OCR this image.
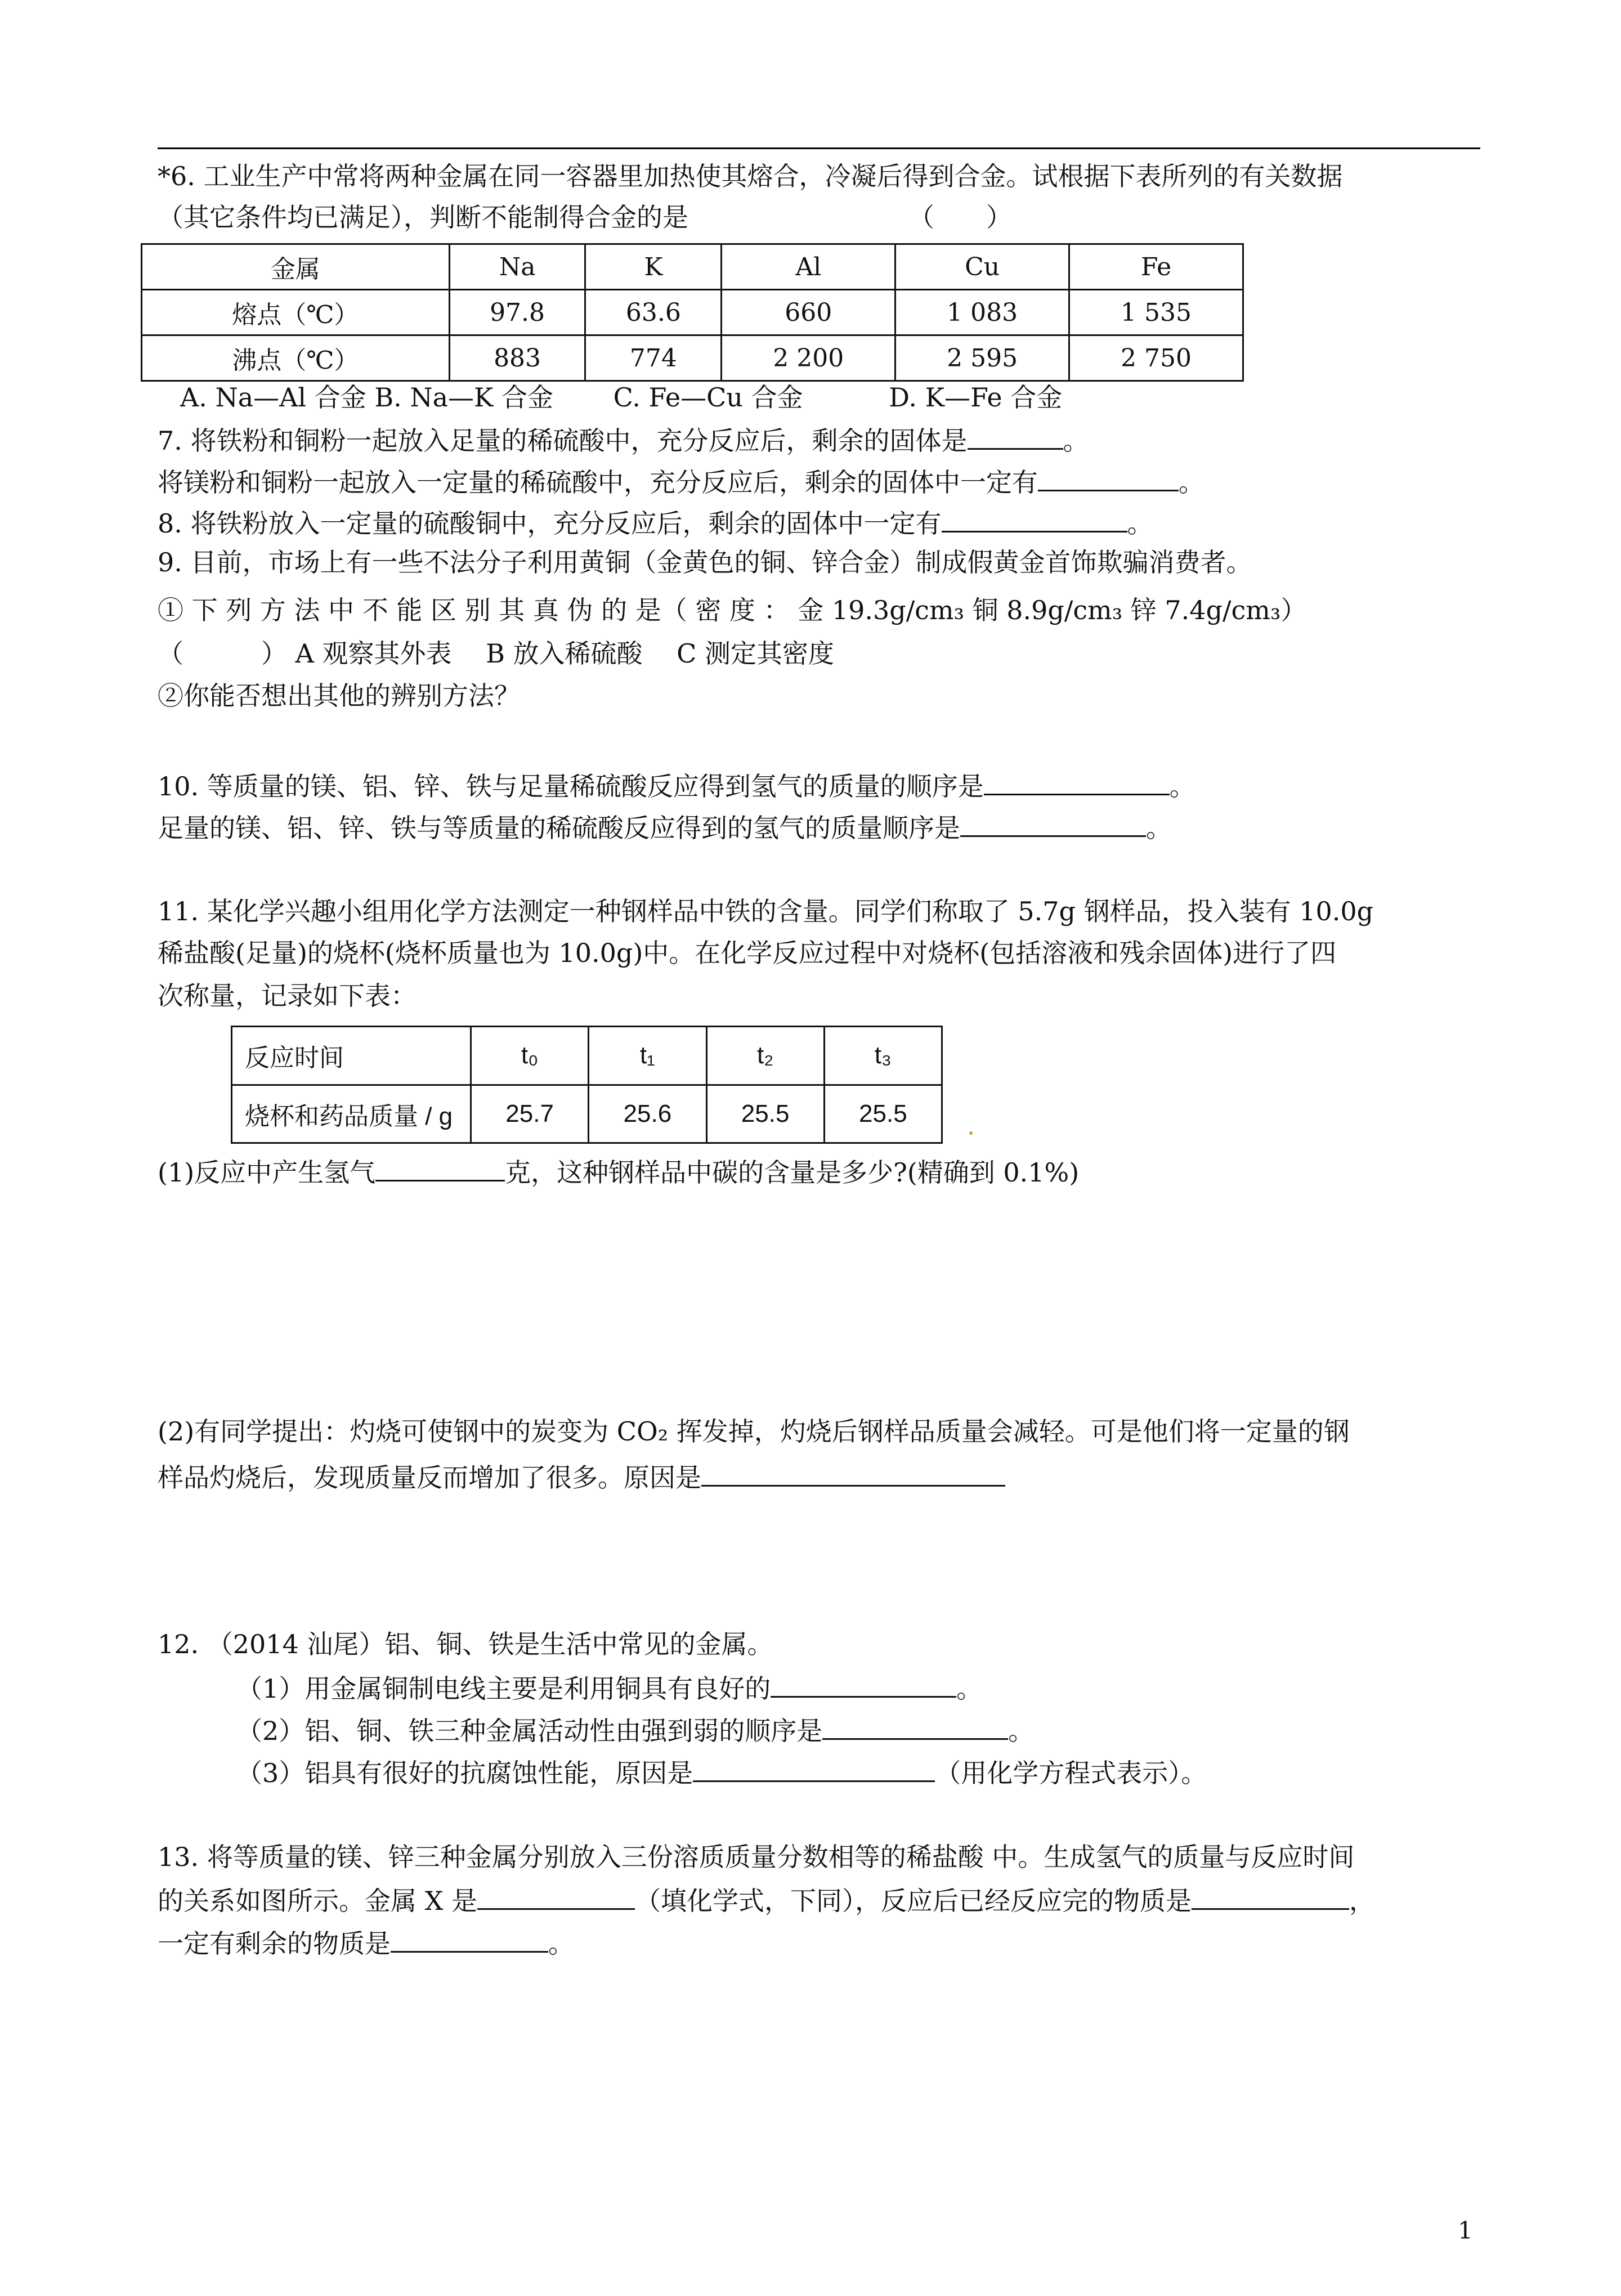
*6. 工业生产中常将两种金属在同一容器里加热使其熔合，冷凝后得到合金。试根据下表所列的有关数据
（其它条件均已满足），判断不能制得合金的是　　　　　　　　　（　　）
金属	Na	K	Al	Cu	Fe
熔点（℃）	97.8	63.6	660	1 083	1 535
沸点（℃）	883	774	2 200	2 595	2 750
A. Na—Al 合金 B. Na—K 合金　　 C. Fe—Cu 合金　　　 D. K—Fe 合金
7. 将铁粉和铜粉一起放入足量的稀硫酸中，充分反应后，剩余的固体是	。
将镁粉和铜粉一起放入一定量的稀硫酸中，充分反应后，剩余的固体中一定有	。
8. 将铁粉放入一定量的硫酸铜中，充分反应后，剩余的固体中一定有	。
9. 目前，市场上有一些不法分子利用黄铜（金黄色的铜、锌合金）制成假黄金首饰欺骗消费者。
① 下 列 方 法 中 不 能 区 别 其 真 伪 的 是（ 密 度 ： 金 19.3g/cm₃ 铜 8.9g/cm₃ 锌 7.4g/cm₃）
（　　　） A 观察其外表　 B 放入稀硫酸　 C 测定其密度
②你能否想出其他的辨别方法？
10. 等质量的镁、铝、锌、铁与足量稀硫酸反应得到氢气的质量的顺序是	。
足量的镁、铝、锌、铁与等质量的稀硫酸反应得到的氢气的质量顺序是	。
11. 某化学兴趣小组用化学方法测定一种钢样品中铁的含量。同学们称取了 5.7g 钢样品，投入装有 10.0g
稀盐酸(足量)的烧杯(烧杯质量也为 10.0g)中。在化学反应过程中对烧杯(包括溶液和残余固体)进行了四
次称量，记录如下表：
反应时间	t₀	t₁	t₂	t₃
烧杯和药品质量 / g	25.7	25.6	25.5	25.5
(1)反应中产生氢气	克，这种钢样品中碳的含量是多少?(精确到 0.1%)
(2)有同学提出：灼烧可使钢中的炭变为 CO₂ 挥发掉，灼烧后钢样品质量会减轻。可是他们将一定量的钢
样品灼烧后，发现质量反而增加了很多。原因是
12. （2014 汕尾）铝、铜、铁是生活中常见的金属。
（1）用金属铜制电线主要是利用铜具有良好的	。
（2）铝、铜、铁三种金属活动性由强到弱的顺序是	。
（3）铝具有很好的抗腐蚀性能，原因是	（用化学方程式表示）。
13. 将等质量的镁、锌三种金属分别放入三份溶质质量分数相等的稀盐酸 中。生成氢气的质量与反应时间
的关系如图所示。金属 X 是	（填化学式，下同），反应后已经反应完的物质是	，
一定有剩余的物质是	。
1
